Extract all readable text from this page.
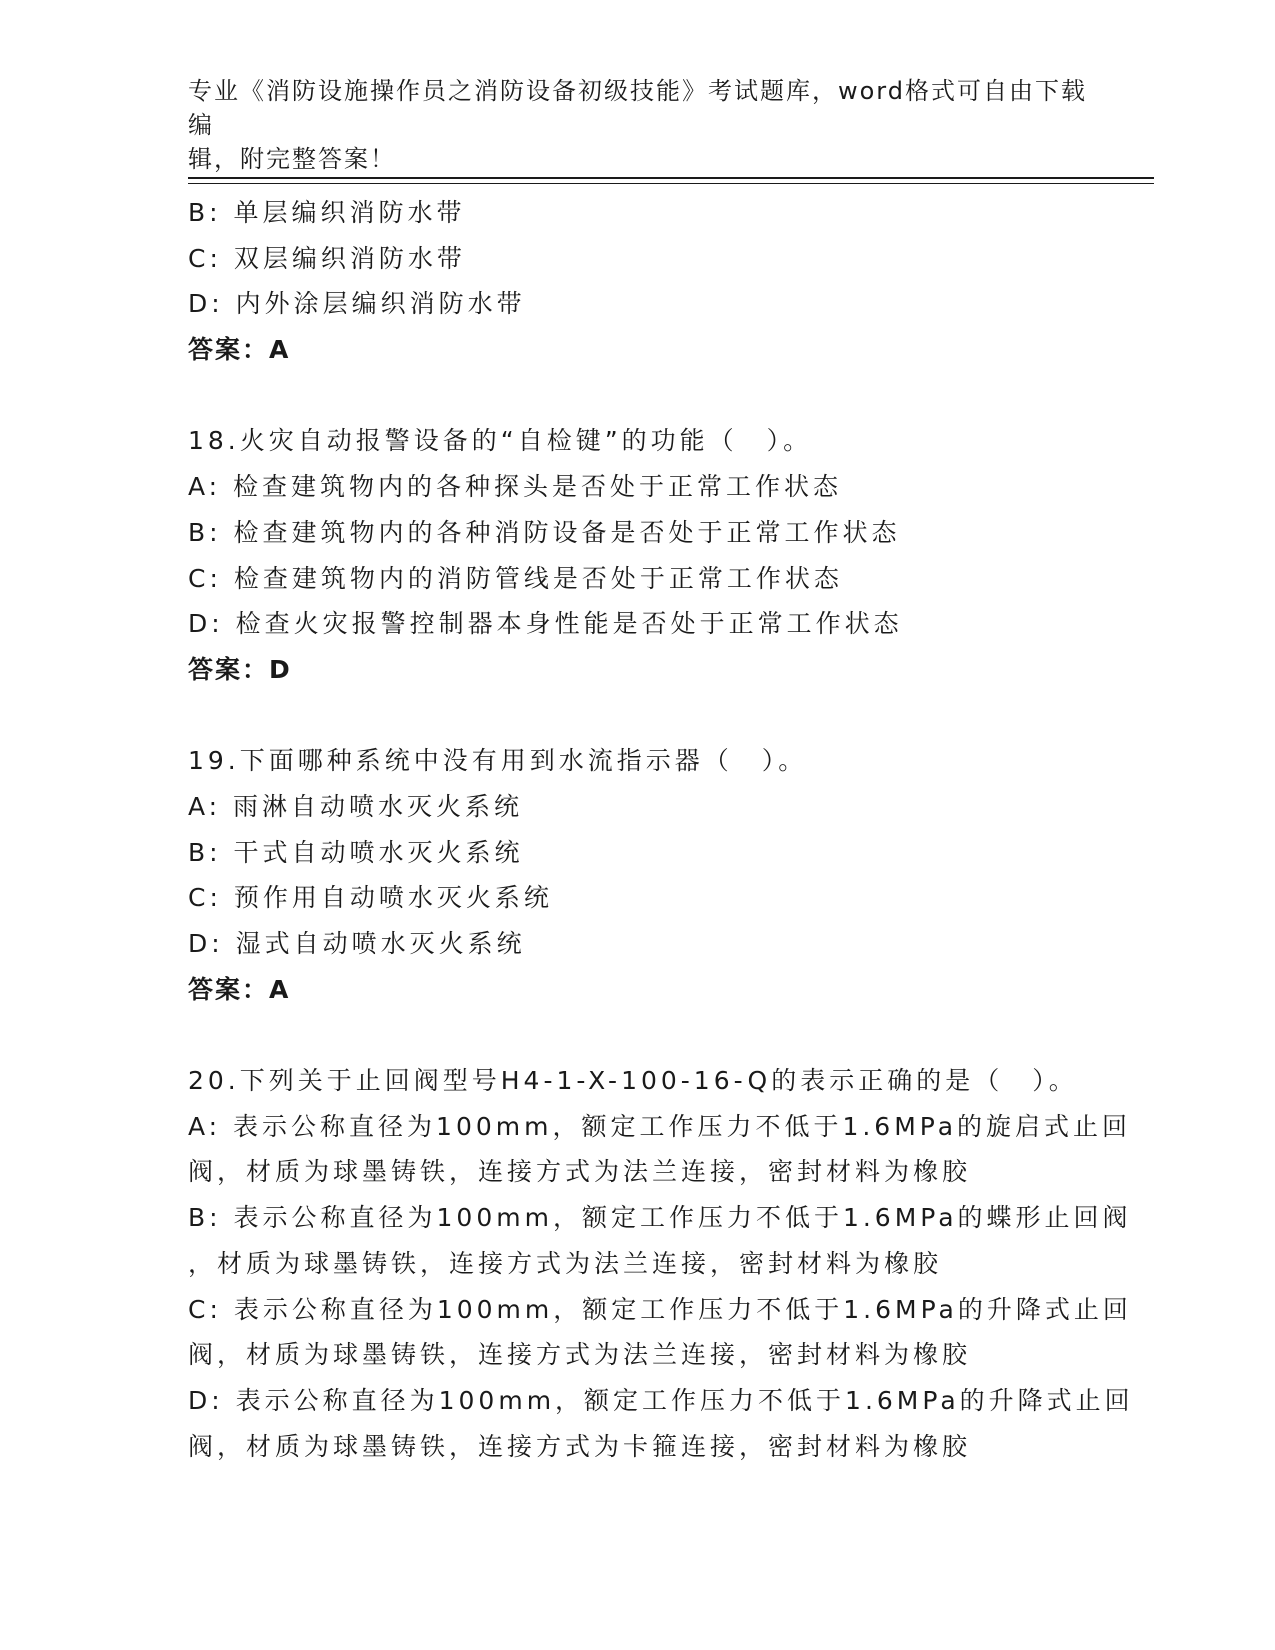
专业《消防设施操作员之消防设备初级技能》考试题库，word格式可自由下载编
辑，附完整答案！
B: 单层编织消防水带
C: 双层编织消防水带
D: 内外涂层编织消防水带
答案：A
18.火灾自动报警设备的“自检键”的功能（　）。
A: 检查建筑物内的各种探头是否处于正常工作状态
B: 检查建筑物内的各种消防设备是否处于正常工作状态
C: 检查建筑物内的消防管线是否处于正常工作状态
D: 检查火灾报警控制器本身性能是否处于正常工作状态
答案：D
19.下面哪种系统中没有用到水流指示器（　）。
A: 雨淋自动喷水灭火系统
B: 干式自动喷水灭火系统
C: 预作用自动喷水灭火系统
D: 湿式自动喷水灭火系统
答案：A
20.下列关于止回阀型号H4-1-X-100-16-Q的表示正确的是（　）。
A: 表示公称直径为100mm，额定工作压力不低于1.6MPa的旋启式止回
阀，材质为球墨铸铁，连接方式为法兰连接，密封材料为橡胶
B: 表示公称直径为100mm，额定工作压力不低于1.6MPa的蝶形止回阀
，材质为球墨铸铁，连接方式为法兰连接，密封材料为橡胶
C: 表示公称直径为100mm，额定工作压力不低于1.6MPa的升降式止回
阀，材质为球墨铸铁，连接方式为法兰连接，密封材料为橡胶
D: 表示公称直径为100mm，额定工作压力不低于1.6MPa的升降式止回
阀，材质为球墨铸铁，连接方式为卡箍连接，密封材料为橡胶
